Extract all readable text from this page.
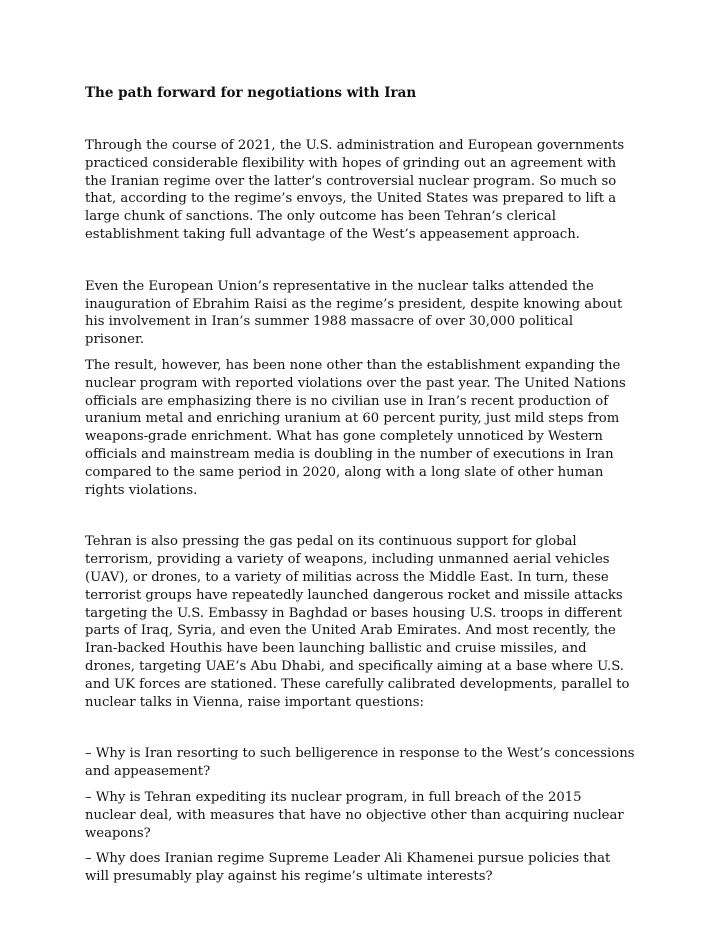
The path forward for negotiations with Iran

Through the course of 2021, the U.S. administration and European governments practiced considerable flexibility with hopes of grinding out an agreement with the Iranian regime over the latter’s controversial nuclear program. So much so that, according to the regime’s envoys, the United States was prepared to lift a large chunk of sanctions. The only outcome has been Tehran’s clerical establishment taking full advantage of the West’s appeasement approach.

Even the European Union’s representative in the nuclear talks attended the inauguration of Ebrahim Raisi as the regime’s president, despite knowing about his involvement in Iran’s summer 1988 massacre of over 30,000 political prisoner.

The result, however, has been none other than the establishment expanding the nuclear program with reported violations over the past year. The United Nations officials are emphasizing there is no civilian use in Iran’s recent production of uranium metal and enriching uranium at 60 percent purity, just mild steps from weapons-grade enrichment. What has gone completely unnoticed by Western officials and mainstream media is doubling in the number of executions in Iran compared to the same period in 2020, along with a long slate of other human rights violations.

Tehran is also pressing the gas pedal on its continuous support for global terrorism, providing a variety of weapons, including unmanned aerial vehicles (UAV), or drones, to a variety of militias across the Middle East. In turn, these terrorist groups have repeatedly launched dangerous rocket and missile attacks targeting the U.S. Embassy in Baghdad or bases housing U.S. troops in different parts of Iraq, Syria, and even the United Arab Emirates. And most recently, the Iran-backed Houthis have been launching ballistic and cruise missiles, and drones, targeting UAE’s Abu Dhabi, and specifically aiming at a base where U.S. and UK forces are stationed. These carefully calibrated developments, parallel to nuclear talks in Vienna, raise important questions:

– Why is Iran resorting to such belligerence in response to the West’s concessions and appeasement?

– Why is Tehran expediting its nuclear program, in full breach of the 2015 nuclear deal, with measures that have no objective other than acquiring nuclear weapons?

– Why does Iranian regime Supreme Leader Ali Khamenei pursue policies that will presumably play against his regime’s ultimate interests?
